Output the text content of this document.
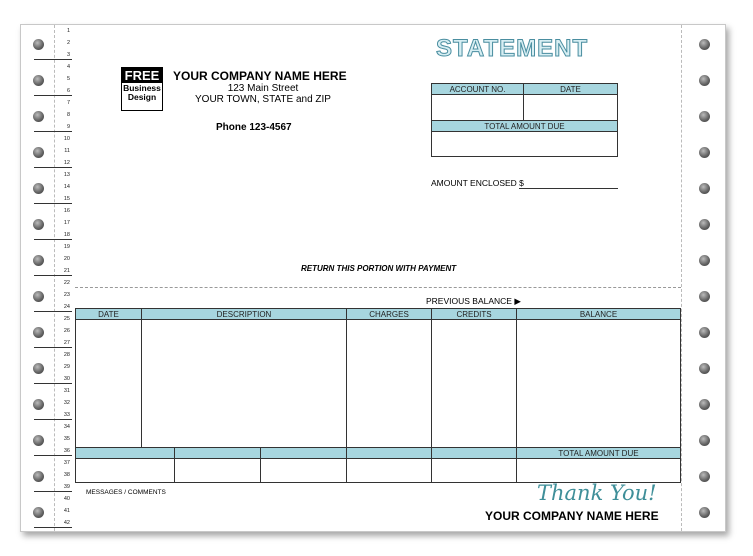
1
2
3
4
5
6
7
8
9
10
11
12
13
14
15
16
17
18
19
20
21
22
23
24
25
26
27
28
29
30
31
32
33
34
35
36
37
38
39
40
41
42
STATEMENT
FREE
Business
Design
YOUR COMPANY NAME HERE
123 Main Street
YOUR TOWN, STATE and ZIP
Phone 123-4567
ACCOUNT NO.	DATE
TOTAL AMOUNT DUE
AMOUNT ENCLOSED $
RETURN THIS PORTION WITH PAYMENT
PREVIOUS BALANCE ▶
DATE	DESCRIPTION	CHARGES	CREDITS	BALANCE
TOTAL AMOUNT DUE
MESSAGES / COMMENTS	Thank You!
YOUR COMPANY NAME HERE
